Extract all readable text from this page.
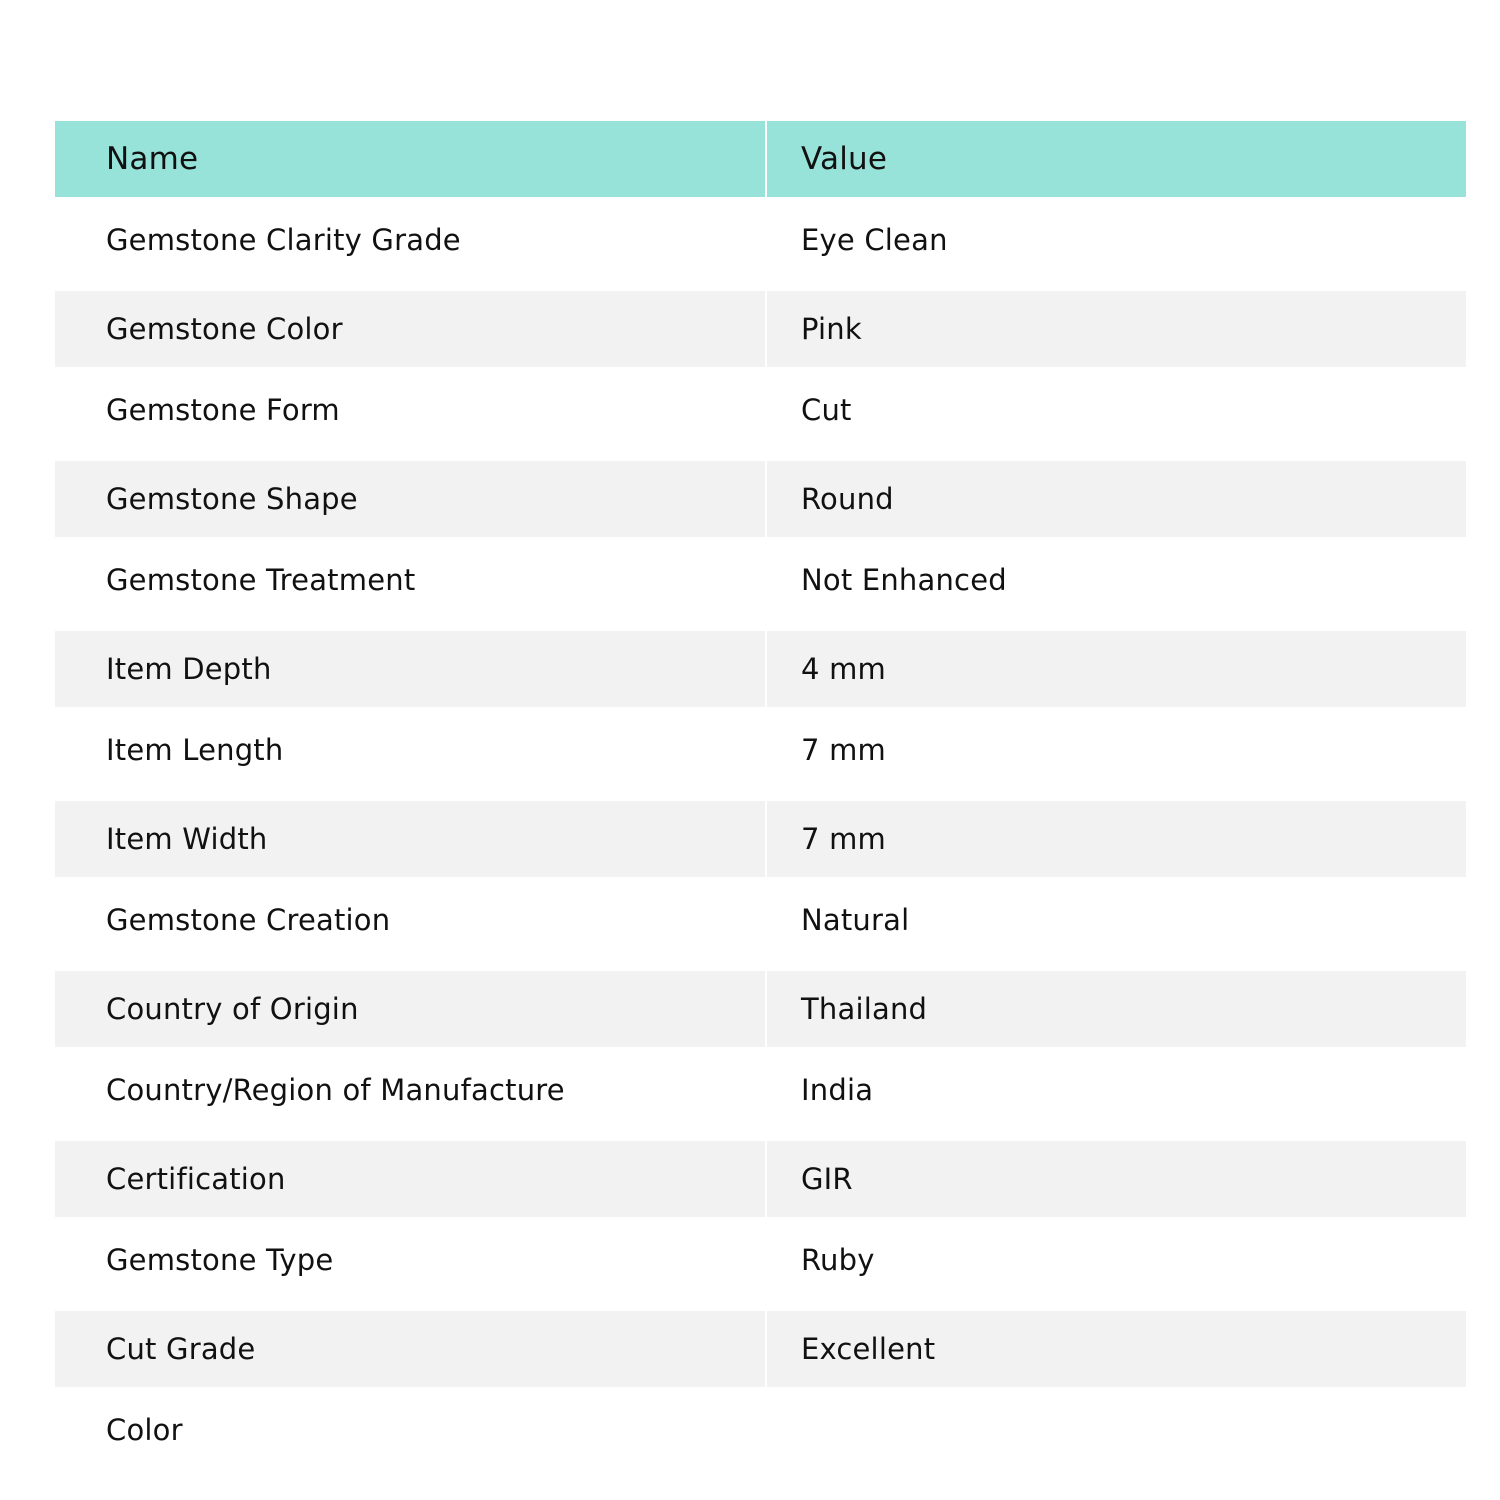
Name	Value
Gemstone Clarity Grade	Eye Clean
Gemstone Color	Pink
Gemstone Form	Cut
Gemstone Shape	Round
Gemstone Treatment	Not Enhanced
Item Depth	4 mm
Item Length	7 mm
Item Width	7 mm
Gemstone Creation	Natural
Country of Origin	Thailand
Country/Region of Manufacture	India
Certification	GIR
Gemstone Type	Ruby
Cut Grade	Excellent
Color
